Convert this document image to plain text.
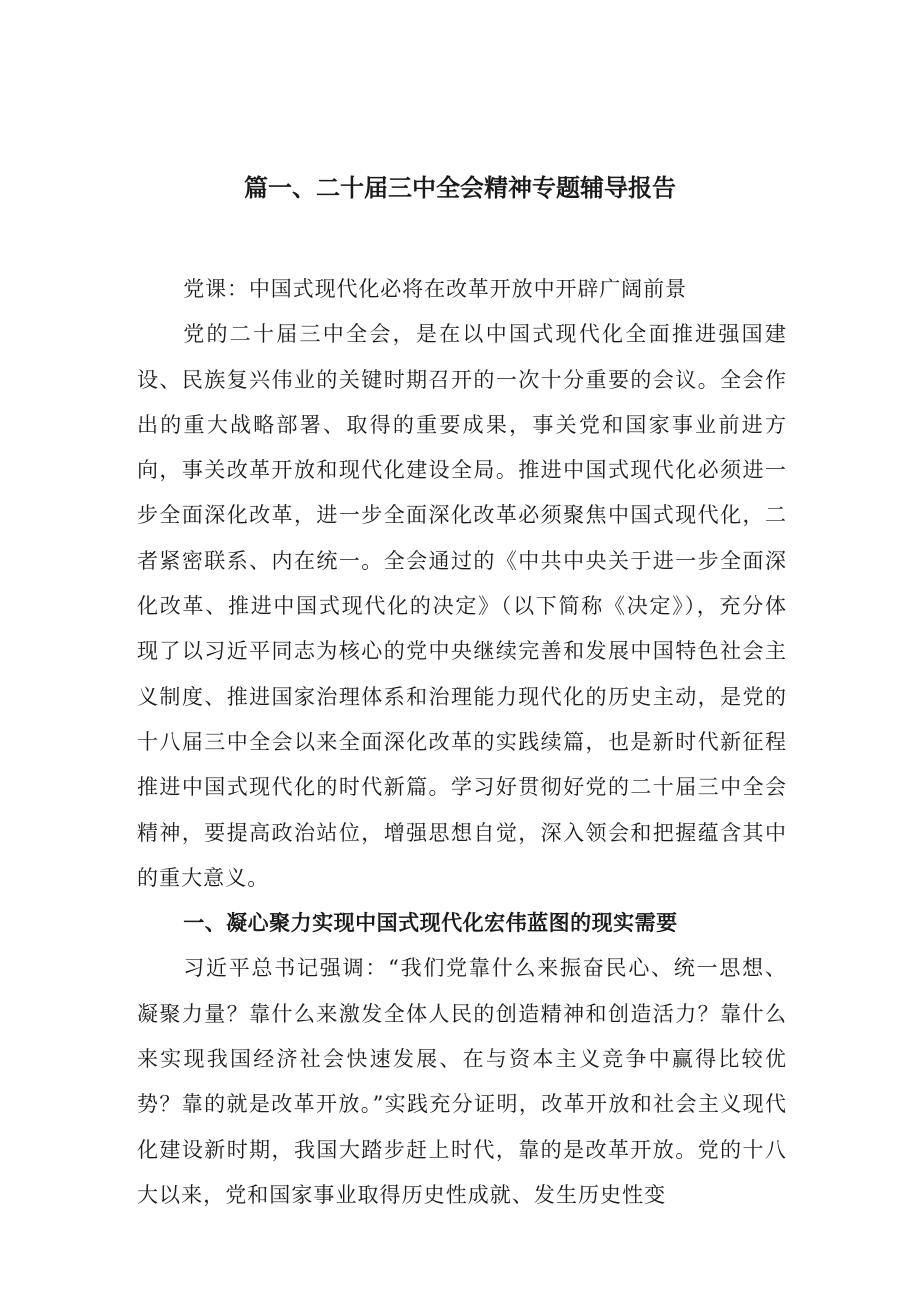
篇一、二十届三中全会精神专题辅导报告

党课：中国式现代化必将在改革开放中开辟广阔前景

党的二十届三中全会，是在以中国式现代化全面推进强国建设、民族复兴伟业的关键时期召开的一次十分重要的会议。全会作出的重大战略部署、取得的重要成果，事关党和国家事业前进方向，事关改革开放和现代化建设全局。推进中国式现代化必须进一步全面深化改革，进一步全面深化改革必须聚焦中国式现代化，二者紧密联系、内在统一。全会通过的《中共中央关于进一步全面深化改革、推进中国式现代化的决定》（以下简称《决定》），充分体现了以习近平同志为核心的党中央继续完善和发展中国特色社会主义制度、推进国家治理体系和治理能力现代化的历史主动，是党的十八届三中全会以来全面深化改革的实践续篇，也是新时代新征程推进中国式现代化的时代新篇。学习好贯彻好党的二十届三中全会精神，要提高政治站位，增强思想自觉，深入领会和把握蕴含其中的重大意义。

一、凝心聚力实现中国式现代化宏伟蓝图的现实需要

习近平总书记强调：“我们党靠什么来振奋民心、统一思想、凝聚力量？靠什么来激发全体人民的创造精神和创造活力？靠什么来实现我国经济社会快速发展、在与资本主义竞争中赢得比较优势？靠的就是改革开放。”实践充分证明，改革开放和社会主义现代化建设新时期，我国大踏步赶上时代，靠的是改革开放。党的十八大以来，党和国家事业取得历史性成就、发生历史性变
